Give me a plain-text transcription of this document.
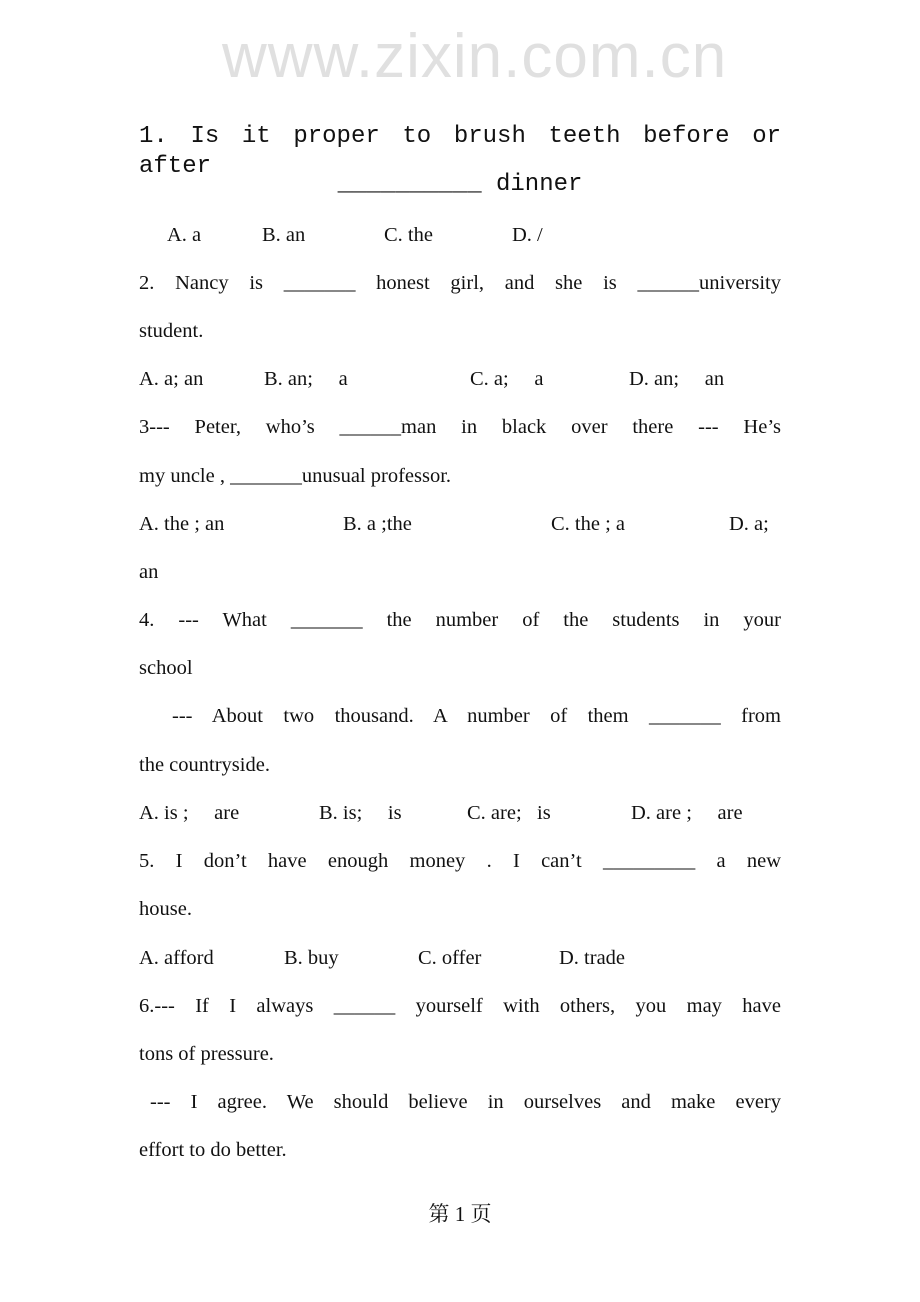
www.zixin.com.cn
1. Is it proper to brush teeth before or after
__________ dinner

A. a

	B. an

	C. the

	D. /

2. Nancy is _______ honest girl, and she is ______university
student.

A. a; an

	B. an;     a

	C. a;     a

	D. an;     an

3--- Peter, who’s ______man in black over there --- He’s
my uncle , _______unusual professor.

A. the ; an

	B. a ;the

	C. the ; a

	D. a;

an
4. --- What _______ the number of the students in your
school
--- About two thousand. A number of them _______ from
the countryside.

A. is ;     are

	B. is;     is

	C. are;   is

	D. are ;     are

5. I don’t have enough money . I can’t _________ a new
house.

A. afford

	B. buy

	C. offer

	D. trade

6.--- If I always ______ yourself with others, you may have
tons of pressure.
--- I agree. We should believe in ourselves and make every
effort to do better.
第 1 页
